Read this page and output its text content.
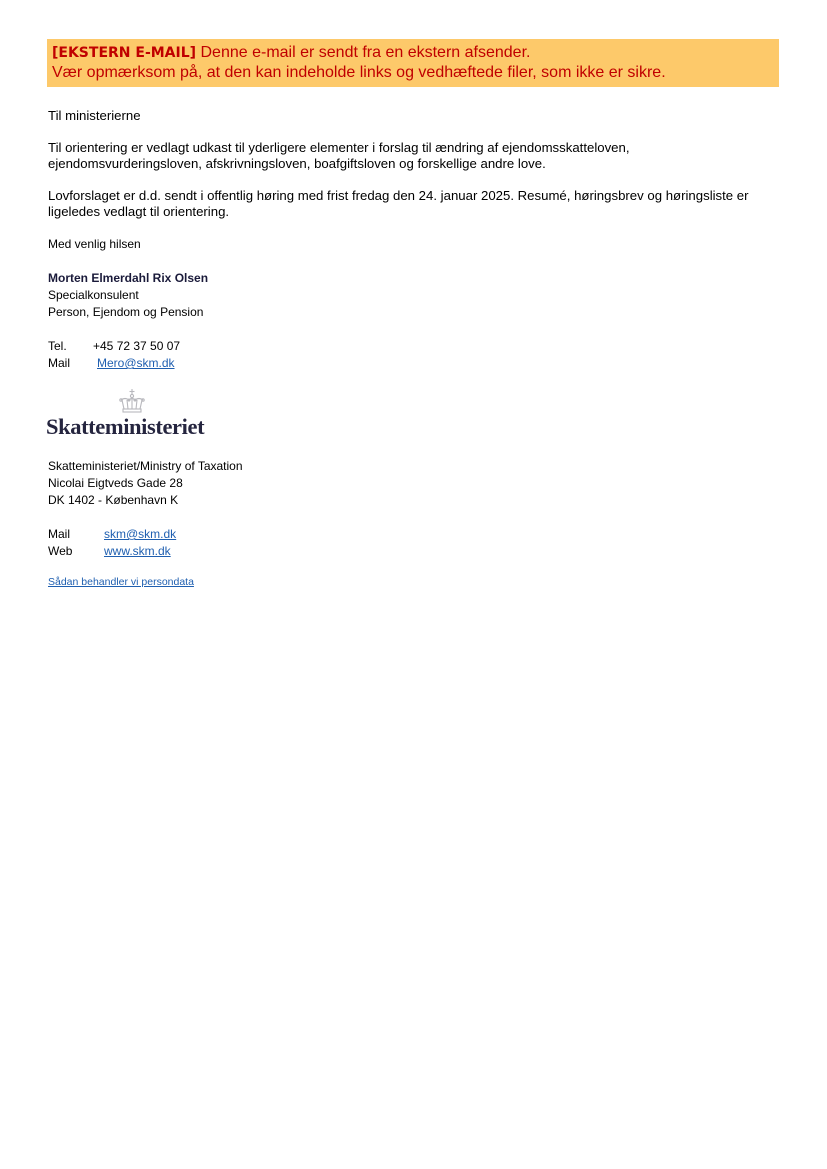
[EKSTERN E-MAIL] Denne e-mail er sendt fra en ekstern afsender.
Vær opmærksom på, at den kan indeholde links og vedhæftede filer, som ikke er sikre.

Til ministerierne

Til orientering er vedlagt udkast til yderligere elementer i forslag til ændring af ejendomsskatteloven, ejendomsvurderingsloven, afskrivningsloven, boafgiftsloven og forskellige andre love.

Lovforslaget er d.d. sendt i offentlig høring med frist fredag den 24. januar 2025. Resumé, høringsbrev og høringsliste er ligeledes vedlagt til orientering.

Med venlig hilsen

Morten Elmerdahl Rix Olsen

Specialkonsulent

Person, Ejendom og Pension

Tel. +45 72 37 50 07

Mail Mero@skm.dk

Skatteministeriet

Skatteministeriet/Ministry of Taxation

Nicolai Eigtveds Gade 28

DK 1402 - København K

Mail	skm@skm.dk

Web	www.skm.dk

Sådan behandler vi persondata
